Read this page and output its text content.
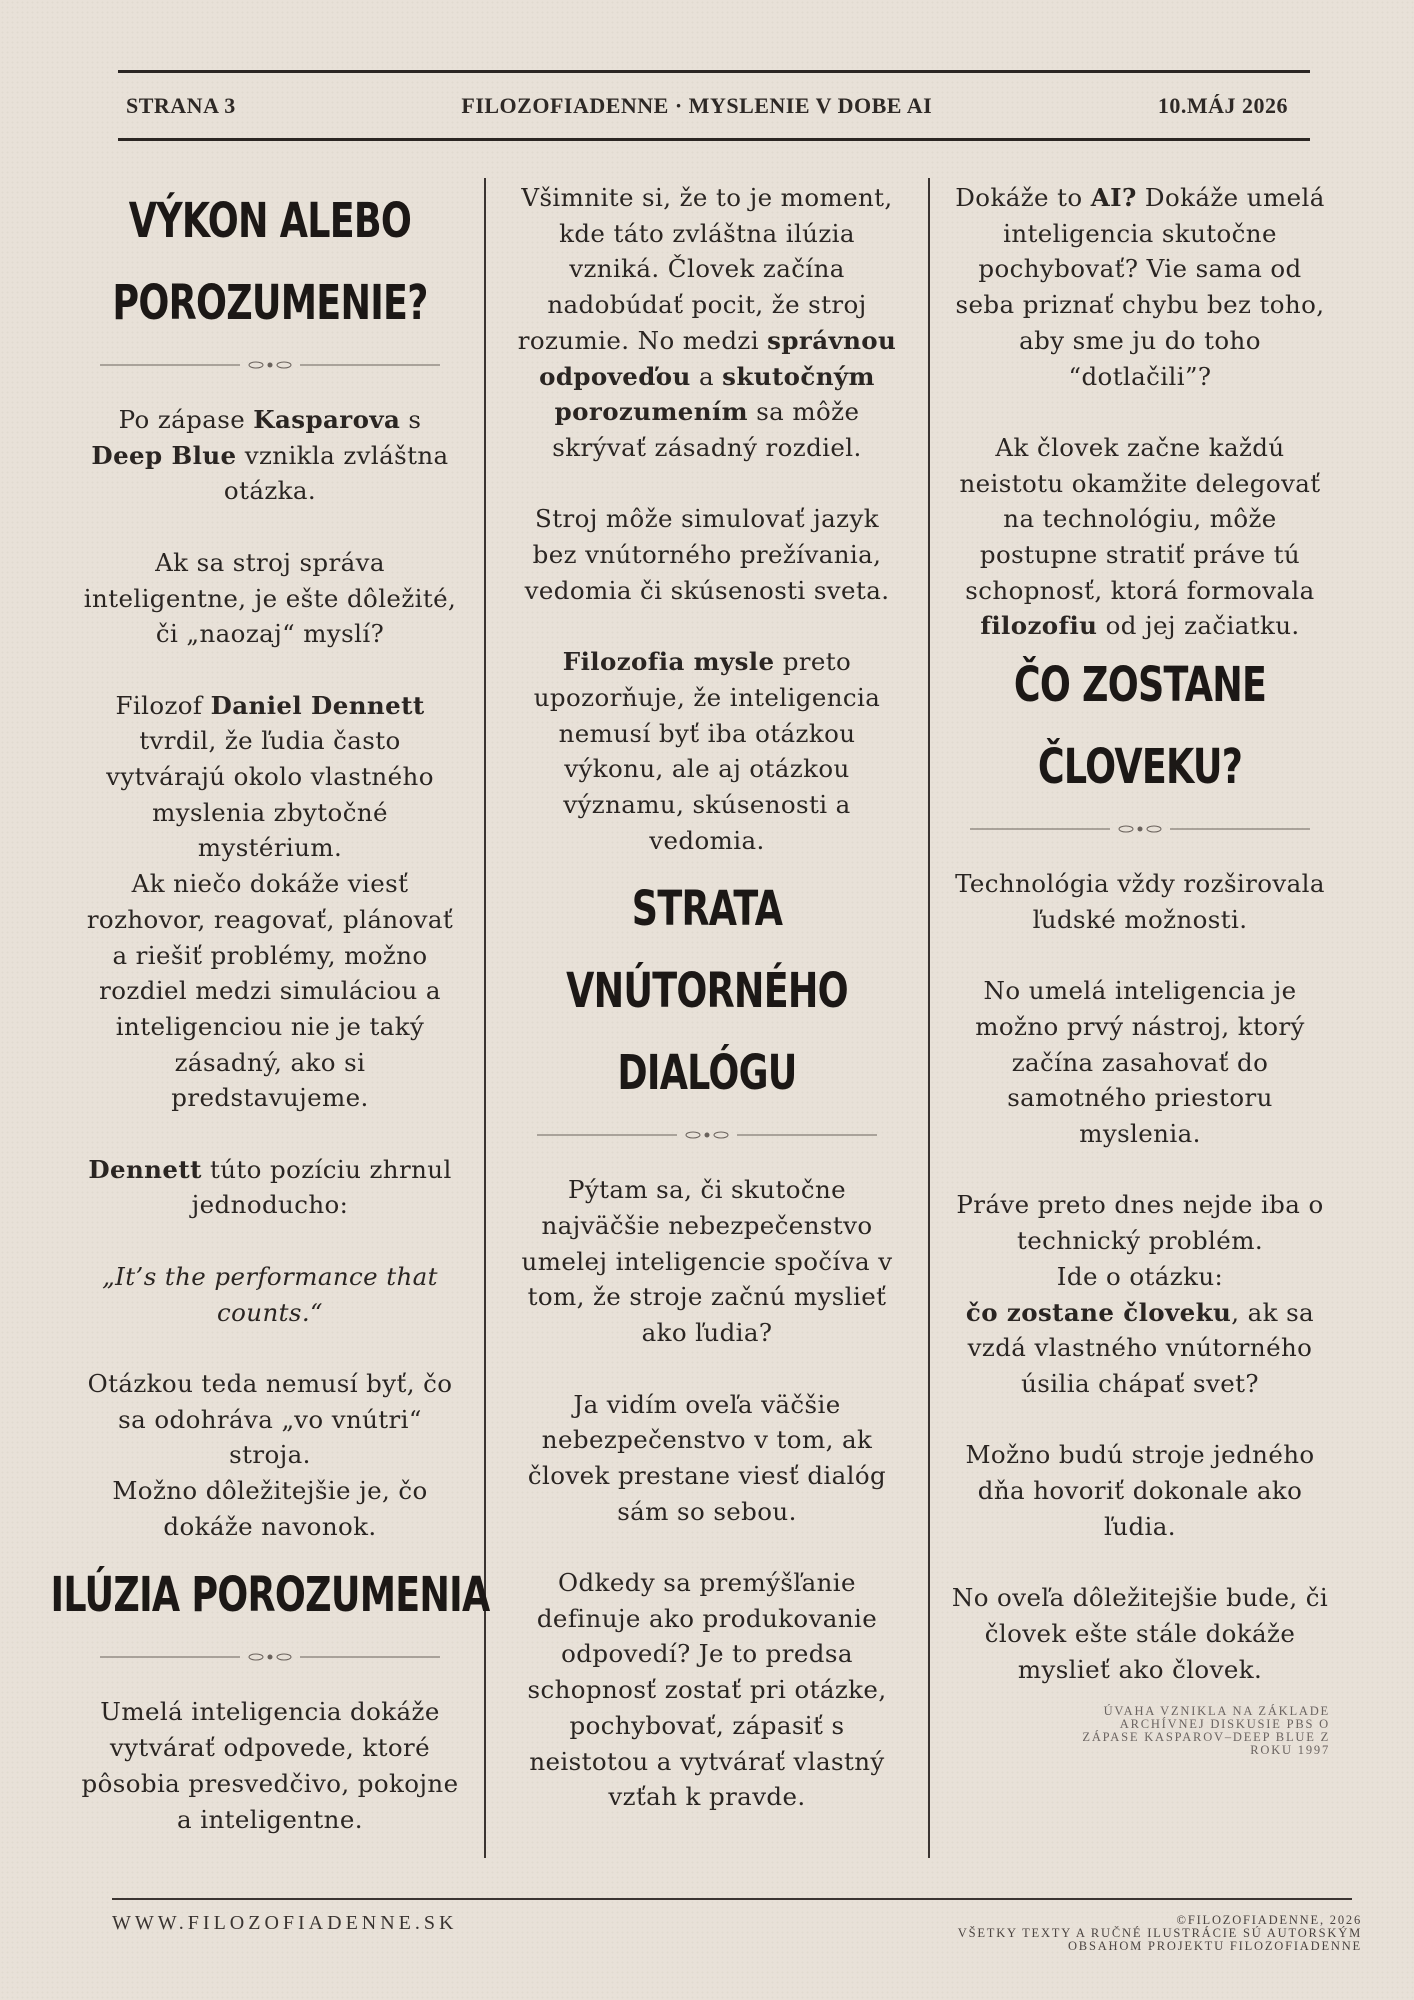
STRANA 3	FILOZOFIADENNE · MYSLENIE V DOBE AI	10.MÁJ 2026
VÝKON ALEBO
POROZUMENIE?

Po zápase Kasparova s Deep Blue vznikla zvláštna otázka.

Ak sa stroj správa inteligentne, je ešte dôležité, či „naozaj“ myslí?

Filozof Daniel Dennett tvrdil, že ľudia často vytvárajú okolo vlastného myslenia zbytočné mystérium.

Ak niečo dokáže viesť rozhovor, reagovať, plánovať a riešiť problémy, možno rozdiel medzi simuláciou a inteligenciou nie je taký zásadný, ako si predstavujeme.

Dennett túto pozíciu zhrnul jednoducho:

„It’s the performance that counts.“

Otázkou teda nemusí byť, čo sa odohráva „vo vnútri“ stroja.

Možno dôležitejšie je, čo dokáže navonok.

ILÚZIA POROZUMENIA

Umelá inteligencia dokáže vytvárať odpovede, ktoré pôsobia presvedčivo, pokojne a inteligentne.

Všimnite si, že to je moment, kde táto zvláštna ilúzia vzniká. Človek začína nadobúdať pocit, že stroj rozumie. No medzi správnou odpoveďou a skutočným porozumením sa môže skrývať zásadný rozdiel.

Stroj môže simulovať jazyk bez vnútorného prežívania, vedomia či skúsenosti sveta.

Filozofia mysle preto upozorňuje, že inteligencia nemusí byť iba otázkou výkonu, ale aj otázkou významu, skúsenosti a vedomia.

STRATA VNÚTORNÉHO
DIALÓGU

Pýtam sa, či skutočne najväčšie nebezpečenstvo umelej inteligencie spočíva v tom, že stroje začnú myslieť ako ľudia?

Ja vidím oveľa väčšie nebezpečenstvo v tom, ak človek prestane viesť dialóg sám so sebou.

Odkedy sa premýšľanie definuje ako produkovanie odpovedí? Je to predsa schopnosť zostať pri otázke, pochybovať, zápasiť s neistotou a vytvárať vlastný vzťah k pravde.

Dokáže to AI? Dokáže umelá inteligencia skutočne pochybovať? Vie sama od seba priznať chybu bez toho, aby sme ju do toho “dotlačili”?

Ak človek začne každú neistotu okamžite delegovať na technológiu, môže postupne stratiť práve tú schopnosť, ktorá formovala filozofiu od jej začiatku.

ČO ZOSTANE ČLOVEKU?

Technológia vždy rozširovala ľudské možnosti.

No umelá inteligencia je možno prvý nástroj, ktorý začína zasahovať do samotného priestoru myslenia.

Práve preto dnes nejde iba o technický problém.

Ide o otázku:

čo zostane človeku, ak sa vzdá vlastného vnútorného úsilia chápať svet?

Možno budú stroje jedného dňa hovoriť dokonale ako ľudia.

No oveľa dôležitejšie bude, či človek ešte stále dokáže myslieť ako človek.

ÚVAHA VZNIKLA NA ZÁKLADE ARCHÍVNEJ DISKUSIE PBS O ZÁPASE KASPAROV–DEEP BLUE Z ROKU 1997
WWW.FILOZOFIADENNE.SK	©FILOZOFIADENNE, 2026
VŠETKY TEXTY A RUČNÉ ILUSTRÁCIE SÚ AUTORSKÝM OBSAHOM PROJEKTU FILOZOFIADENNE
